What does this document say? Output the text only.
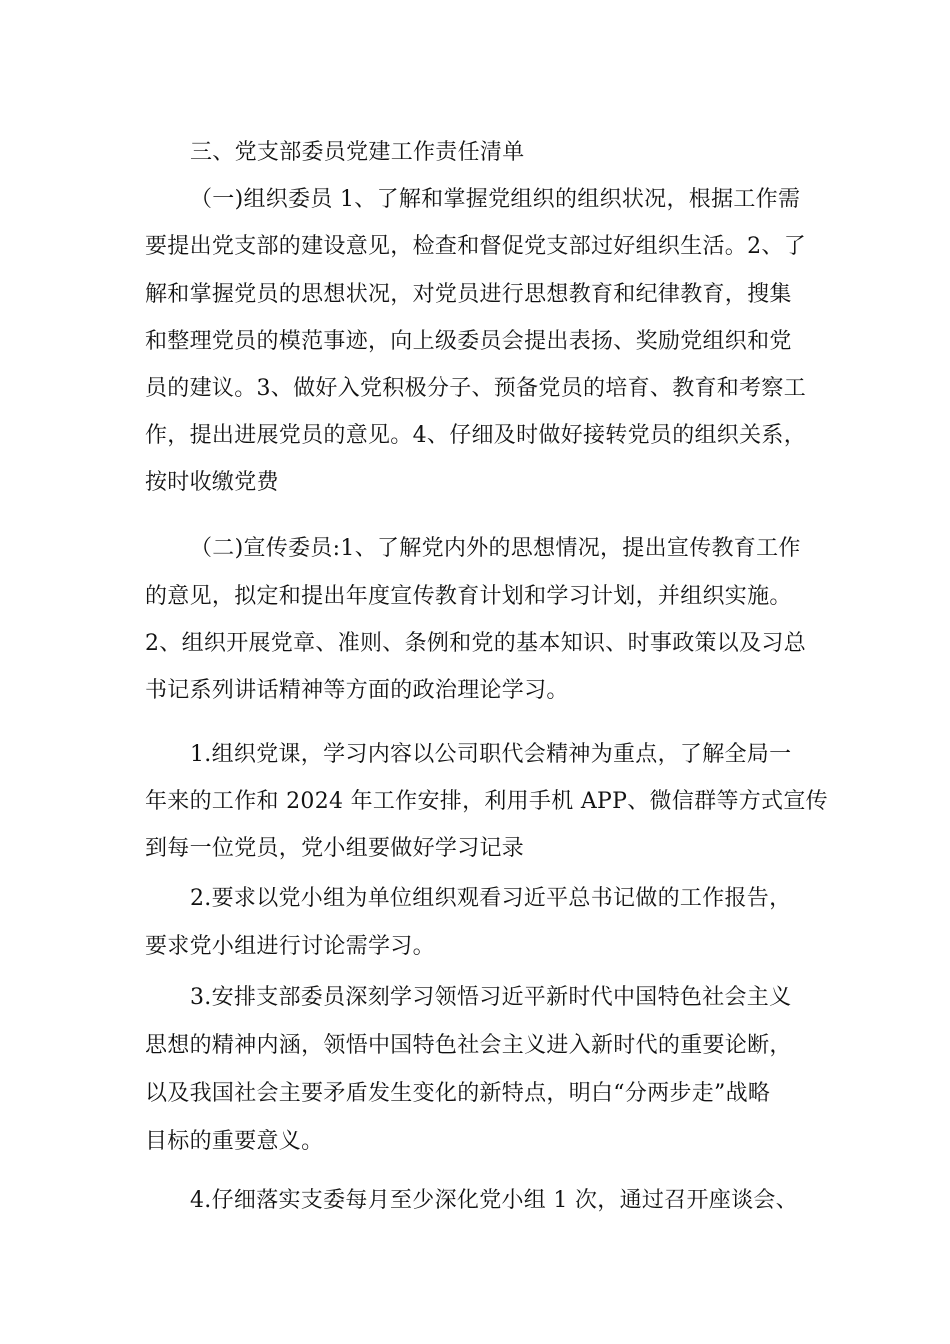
三、党支部委员党建工作责任清单
（一)组织委员 1、了解和掌握党组织的组织状况，根据工作需
要提出党支部的建设意见，检查和督促党支部过好组织生活。2、了
解和掌握党员的思想状况，对党员进行思想教育和纪律教育，搜集
和整理党员的模范事迹，向上级委员会提出表扬、奖励党组织和党
员的建议。3、做好入党积极分子、预备党员的培育、教育和考察工
作，提出进展党员的意见。4、仔细及时做好接转党员的组织关系，
按时收缴党费
（二)宣传委员:1、了解党内外的思想情况，提出宣传教育工作
的意见，拟定和提出年度宣传教育计划和学习计划，并组织实施。
2、组织开展党章、准则、条例和党的基本知识、时事政策以及习总
书记系列讲话精神等方面的政治理论学习。
1.组织党课，学习内容以公司职代会精神为重点，了解全局一
年来的工作和 2024 年工作安排，利用手机 APP、微信群等方式宣传
到每一位党员，党小组要做好学习记录
2.要求以党小组为单位组织观看习近平总书记做的工作报告，
要求党小组进行讨论需学习。
3.安排支部委员深刻学习领悟习近平新时代中国特色社会主义
思想的精神内涵，领悟中国特色社会主义进入新时代的重要论断，
以及我国社会主要矛盾发生变化的新特点，明白“分两步走”战略
目标的重要意义。
4.仔细落实支委每月至少深化党小组 1 次，通过召开座谈会、
